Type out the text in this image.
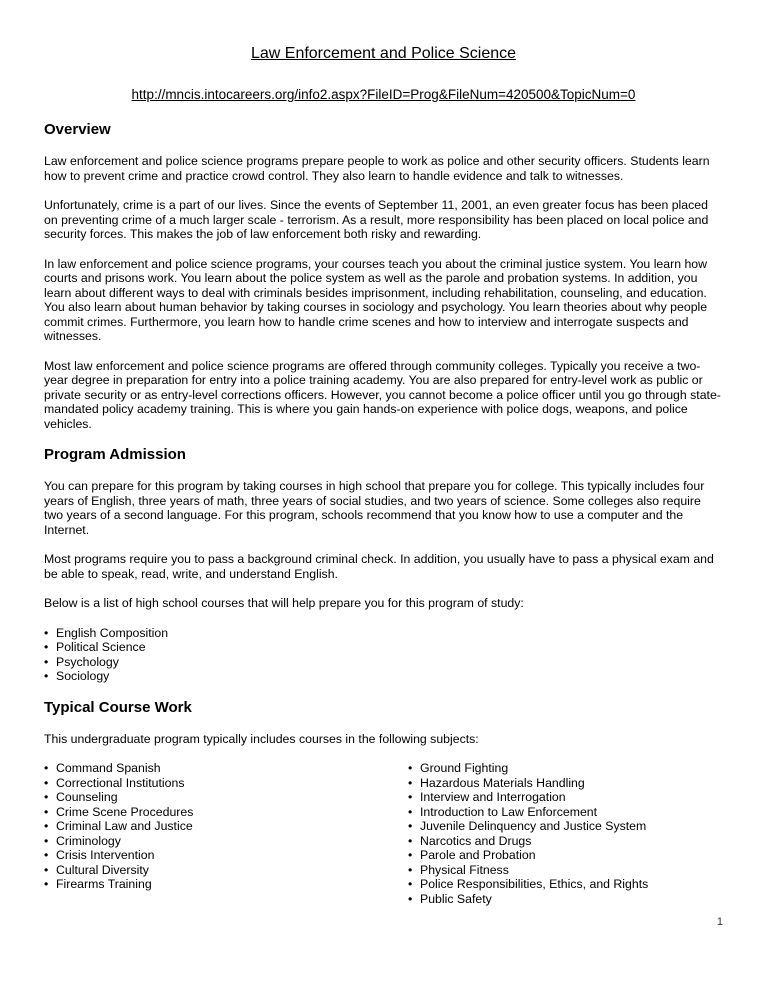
Law Enforcement and Police Science
http://mncis.intocareers.org/info2.aspx?FileID=Prog&FileNum=420500&TopicNum=0
Overview

Law enforcement and police science programs prepare people to work as police and other security officers. Students learn how to prevent crime and practice crowd control. They also learn to handle evidence and talk to witnesses.

Unfortunately, crime is a part of our lives. Since the events of September 11, 2001, an even greater focus has been placed on preventing crime of a much larger scale - terrorism. As a result, more responsibility has been placed on local police and security forces. This makes the job of law enforcement both risky and rewarding.

In law enforcement and police science programs, your courses teach you about the criminal justice system. You learn how courts and prisons work. You learn about the police system as well as the parole and probation systems. In addition, you learn about different ways to deal with criminals besides imprisonment, including rehabilitation, counseling, and education. You also learn about human behavior by taking courses in sociology and psychology. You learn theories about why people commit crimes. Furthermore, you learn how to handle crime scenes and how to interview and interrogate suspects and witnesses.

Most law enforcement and police science programs are offered through community colleges. Typically you receive a two-year degree in preparation for entry into a police training academy. You are also prepared for entry-level work as public or private security or as entry-level corrections officers. However, you cannot become a police officer until you go through state-mandated policy academy training. This is where you gain hands-on experience with police dogs, weapons, and police vehicles.

Program Admission

You can prepare for this program by taking courses in high school that prepare you for college. This typically includes four years of English, three years of math, three years of social studies, and two years of science. Some colleges also require two years of a second language. For this program, schools recommend that you know how to use a computer and the Internet.

Most programs require you to pass a background criminal check. In addition, you usually have to pass a physical exam and be able to speak, read, write, and understand English.

Below is a list of high school courses that will help prepare you for this program of study:

• English Composition
• Political Science
• Psychology
• Sociology
Typical Course Work

This undergraduate program typically includes courses in the following subjects:

• Command Spanish
• Correctional Institutions
• Counseling
• Crime Scene Procedures
• Criminal Law and Justice
• Criminology
• Crisis Intervention
• Cultural Diversity
• Firearms Training
• Ground Fighting
• Hazardous Materials Handling
• Interview and Interrogation
• Introduction to Law Enforcement
• Juvenile Delinquency and Justice System
• Narcotics and Drugs
• Parole and Probation
• Physical Fitness
• Police Responsibilities, Ethics, and Rights
• Public Safety
1
